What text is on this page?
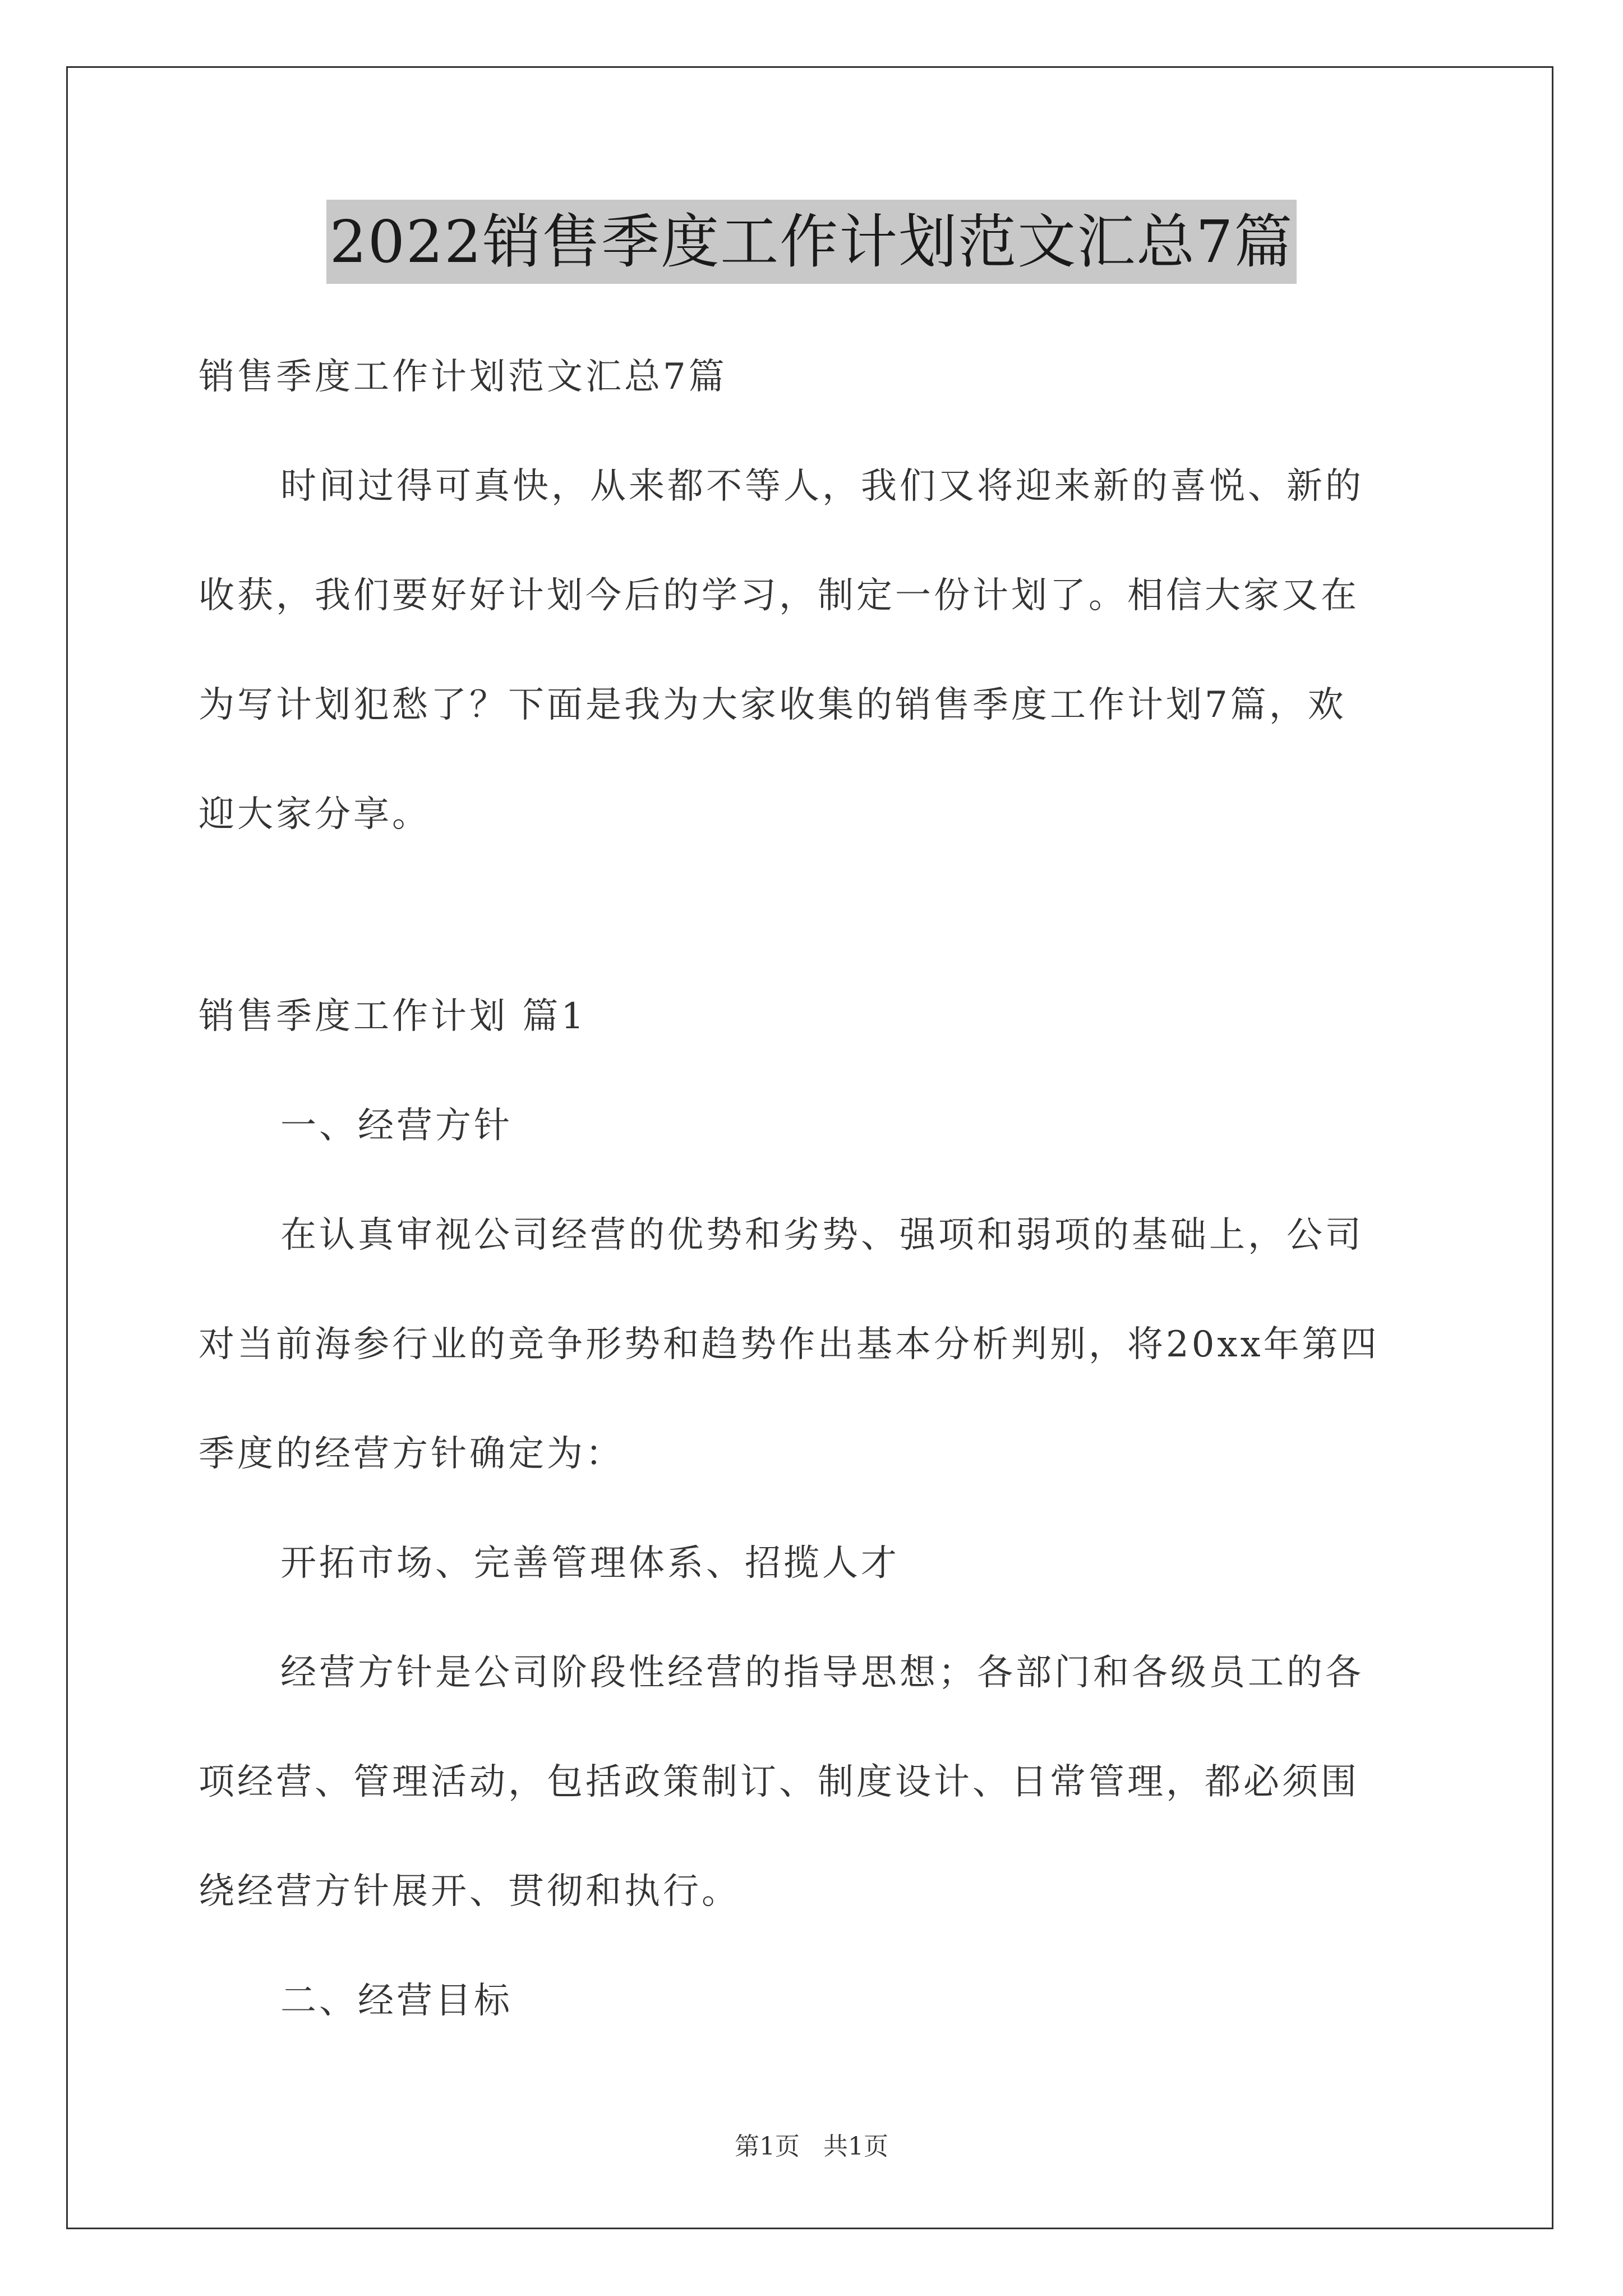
2022销售季度工作计划范文汇总7篇
销售季度工作计划范文汇总7篇
时间过得可真快，从来都不等人，我们又将迎来新的喜悦、新的
收获，我们要好好计划今后的学习，制定一份计划了。相信大家又在
为写计划犯愁了？下面是我为大家收集的销售季度工作计划7篇，欢
迎大家分享。
销售季度工作计划 篇1
一、经营方针
在认真审视公司经营的优势和劣势、强项和弱项的基础上，公司
对当前海参行业的竞争形势和趋势作出基本分析判别，将20xx年第四
季度的经营方针确定为：
开拓市场、完善管理体系、招揽人才
经营方针是公司阶段性经营的指导思想；各部门和各级员工的各
项经营、管理活动，包括政策制订、制度设计、日常管理，都必须围
绕经营方针展开、贯彻和执行。
二、经营目标
第1页   共1页
